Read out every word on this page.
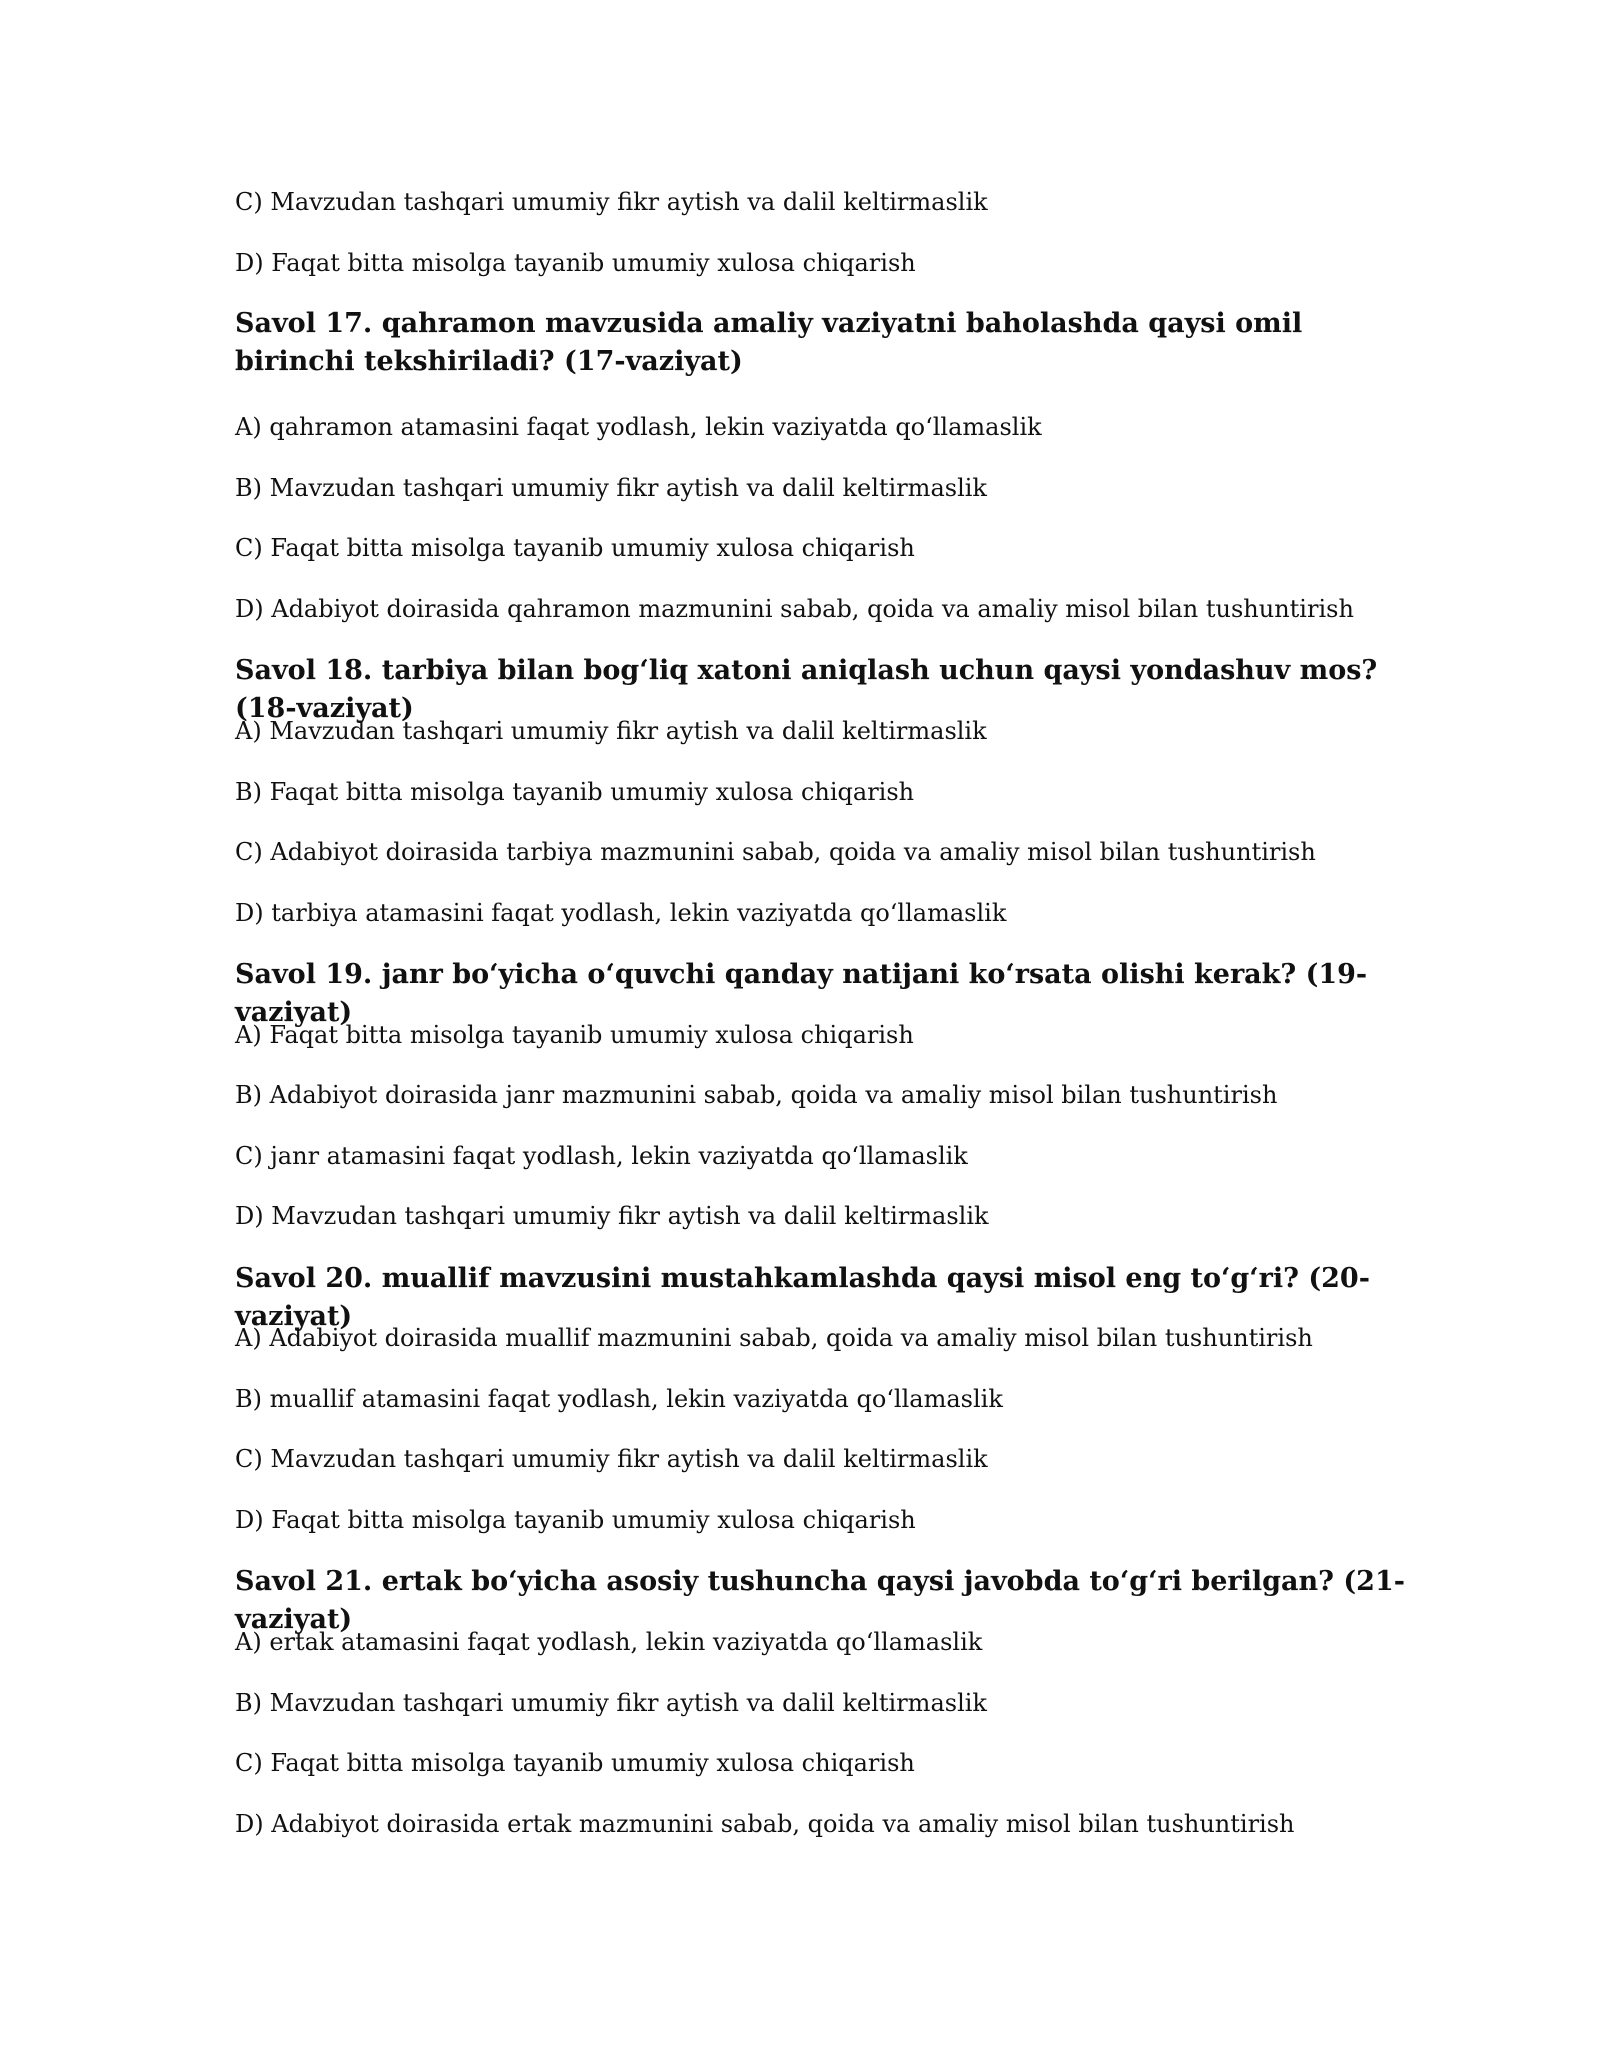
C) Mavzudan tashqari umumiy fikr aytish va dalil keltirmaslik
D) Faqat bitta misolga tayanib umumiy xulosa chiqarish
Savol 17. qahramon mavzusida amaliy vaziyatni baholashda qaysi omil birinchi tekshiriladi? (17-vaziyat)
A) qahramon atamasini faqat yodlash, lekin vaziyatda qo‘llamaslik
B) Mavzudan tashqari umumiy fikr aytish va dalil keltirmaslik
C) Faqat bitta misolga tayanib umumiy xulosa chiqarish
D) Adabiyot doirasida qahramon mazmunini sabab, qoida va amaliy misol bilan tushuntirish
Savol 18. tarbiya bilan bog‘liq xatoni aniqlash uchun qaysi yondashuv mos? (18-vaziyat)
A) Mavzudan tashqari umumiy fikr aytish va dalil keltirmaslik
B) Faqat bitta misolga tayanib umumiy xulosa chiqarish
C) Adabiyot doirasida tarbiya mazmunini sabab, qoida va amaliy misol bilan tushuntirish
D) tarbiya atamasini faqat yodlash, lekin vaziyatda qo‘llamaslik
Savol 19. janr bo‘yicha o‘quvchi qanday natijani ko‘rsata olishi kerak? (19-vaziyat)
A) Faqat bitta misolga tayanib umumiy xulosa chiqarish
B) Adabiyot doirasida janr mazmunini sabab, qoida va amaliy misol bilan tushuntirish
C) janr atamasini faqat yodlash, lekin vaziyatda qo‘llamaslik
D) Mavzudan tashqari umumiy fikr aytish va dalil keltirmaslik
Savol 20. muallif mavzusini mustahkamlashda qaysi misol eng to‘g‘ri? (20-vaziyat)
A) Adabiyot doirasida muallif mazmunini sabab, qoida va amaliy misol bilan tushuntirish
B) muallif atamasini faqat yodlash, lekin vaziyatda qo‘llamaslik
C) Mavzudan tashqari umumiy fikr aytish va dalil keltirmaslik
D) Faqat bitta misolga tayanib umumiy xulosa chiqarish
Savol 21. ertak bo‘yicha asosiy tushuncha qaysi javobda to‘g‘ri berilgan? (21-vaziyat)
A) ertak atamasini faqat yodlash, lekin vaziyatda qo‘llamaslik
B) Mavzudan tashqari umumiy fikr aytish va dalil keltirmaslik
C) Faqat bitta misolga tayanib umumiy xulosa chiqarish
D) Adabiyot doirasida ertak mazmunini sabab, qoida va amaliy misol bilan tushuntirish
